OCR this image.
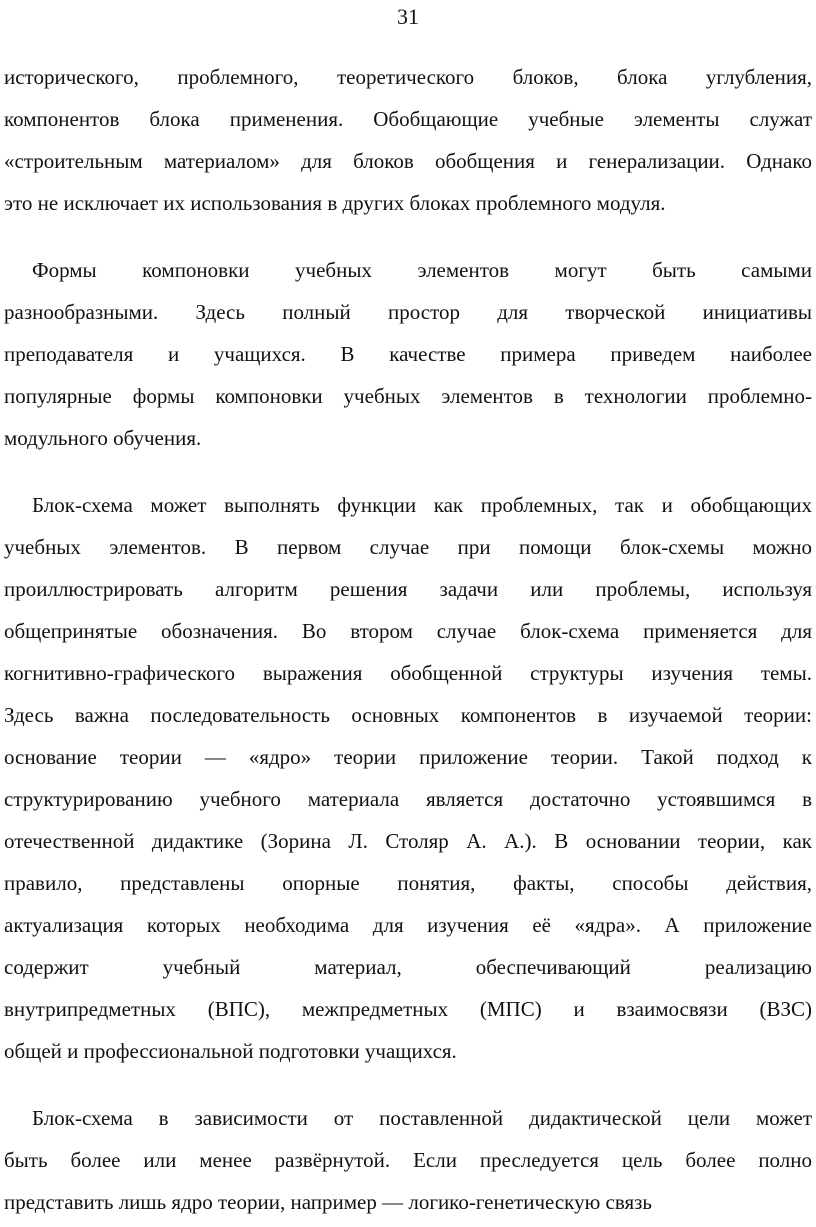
31
исторического, проблемного, теоретического блоков, блока углубления,
компонентов блока применения. Обобщающие учебные элементы служат
«строительным материалом» для блоков обобщения и генерализации. Однако
это не исключает их использования в других блоках проблемного модуля.
Формы компоновки учебных элементов могут быть самыми
разнообразными. Здесь полный простор для творческой инициативы
преподавателя и учащихся. В качестве примера приведем наиболее
популярные формы компоновки учебных элементов в технологии проблемно-
модульного обучения.
Блок-схема может выполнять функции как проблемных, так и обобщающих
учебных элементов. В первом случае при помощи блок-схемы можно
проиллюстрировать алгоритм решения задачи или проблемы, используя
общепринятые обозначения. Во втором случае блок-схема применяется для
когнитивно-графического выражения обобщенной структуры изучения темы.
Здесь важна последовательность основных компонентов в изучаемой теории:
основание теории — «ядро» теории приложение теории. Такой подход к
структурированию учебного материала является достаточно устоявшимся в
отечественной дидактике (Зорина Л. Столяр А. А.). В основании теории, как
правило, представлены опорные понятия, факты, способы действия,
актуализация которых необходима для изучения её «ядра». А приложение
содержит учебный материал, обеспечивающий реализацию
внутрипредметных (ВПС), межпредметных (МПС) и взаимосвязи (ВЗС)
общей и профессиональной подготовки учащихся.
Блок-схема в зависимости от поставленной дидактической цели может
быть более или менее развёрнутой. Если преследуется цель более полно
представить лишь ядро теории, например — логико-генетическую связь
